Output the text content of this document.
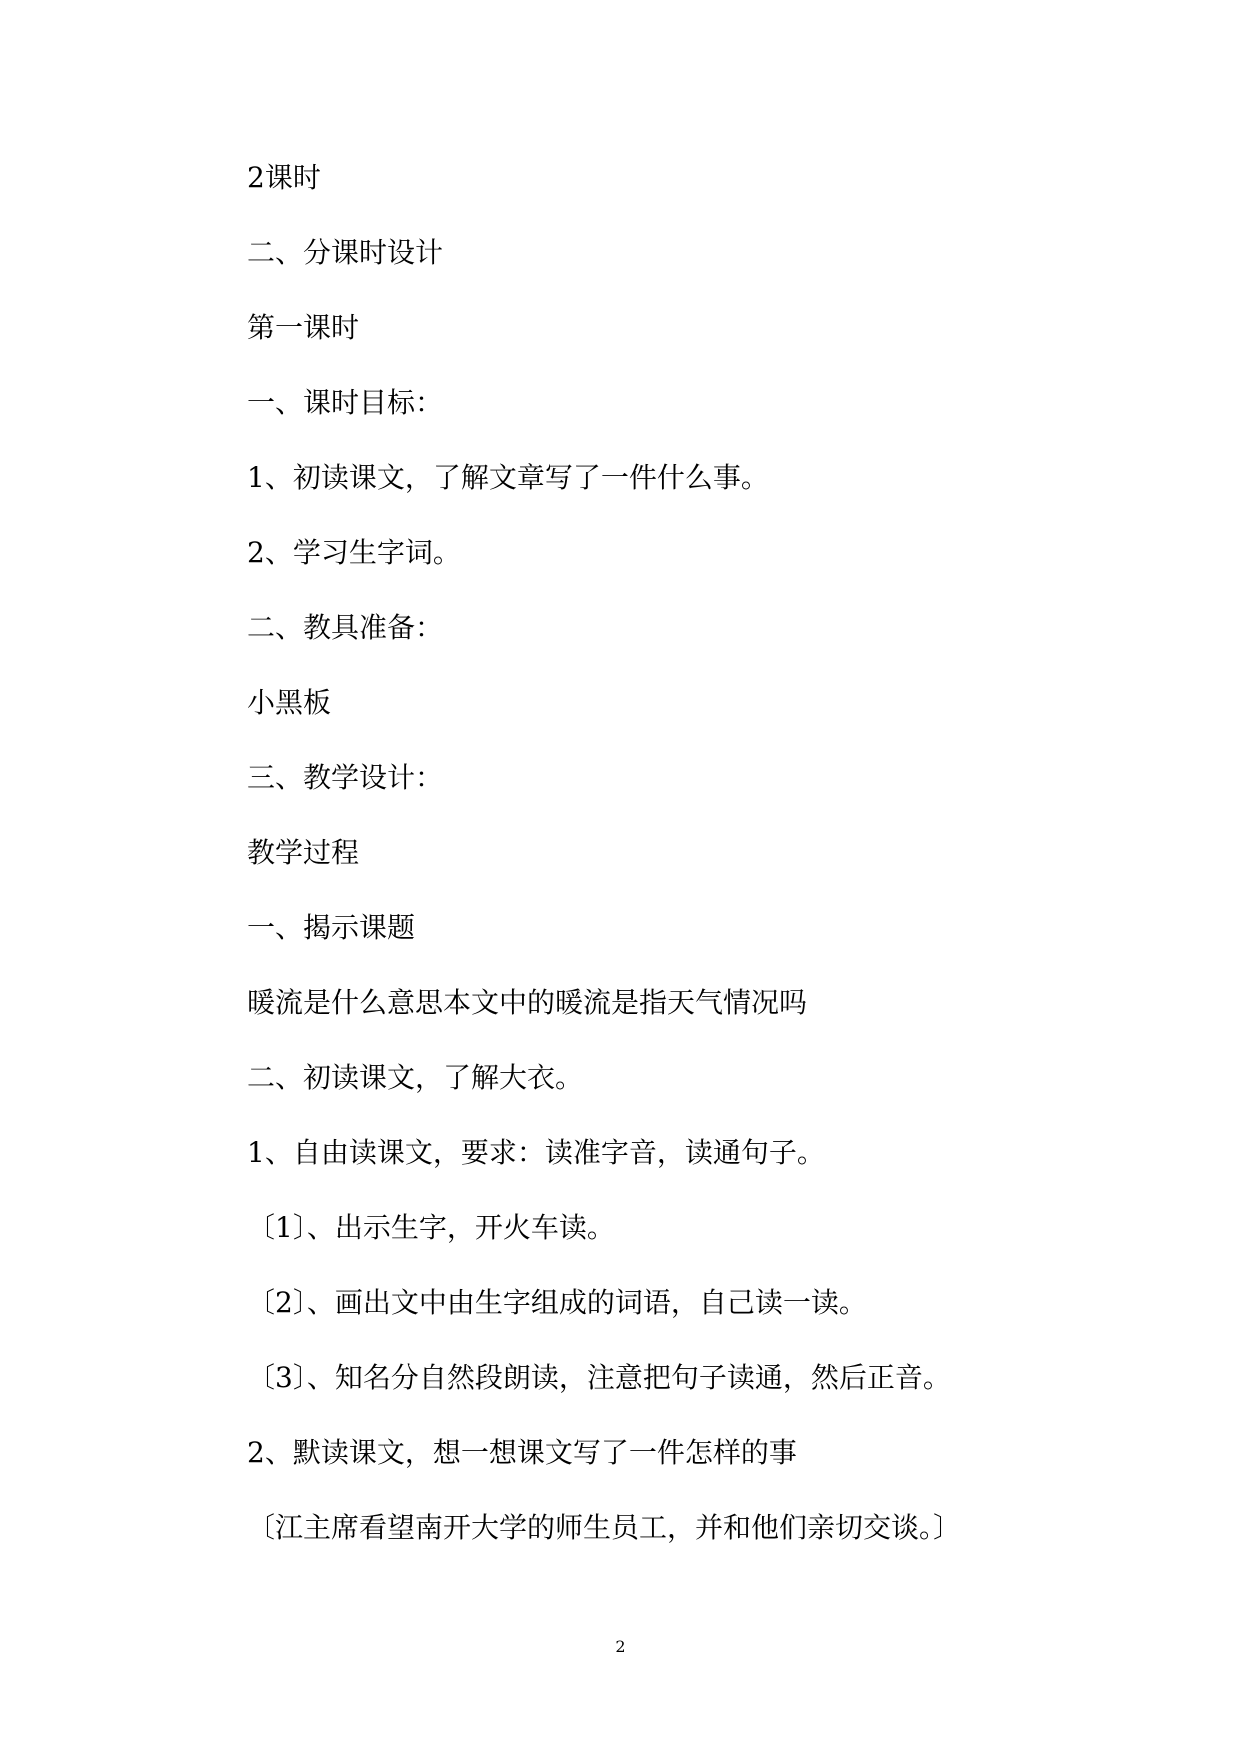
2课时
二、分课时设计
第一课时
一、课时目标：
1、初读课文，了解文章写了一件什么事。
2、学习生字词。
二、教具准备：
小黑板
三、教学设计：
教学过程
一、揭示课题
暖流是什么意思本文中的暖流是指天气情况吗
二、初读课文，了解大衣。
1、自由读课文，要求：读准字音，读通句子。
〔1〕、出示生字，开火车读。
〔2〕、画出文中由生字组成的词语，自己读一读。
〔3〕、知名分自然段朗读，注意把句子读通，然后正音。
2、默读课文，想一想课文写了一件怎样的事
〔江主席看望南开大学的师生员工，并和他们亲切交谈。〕
2
